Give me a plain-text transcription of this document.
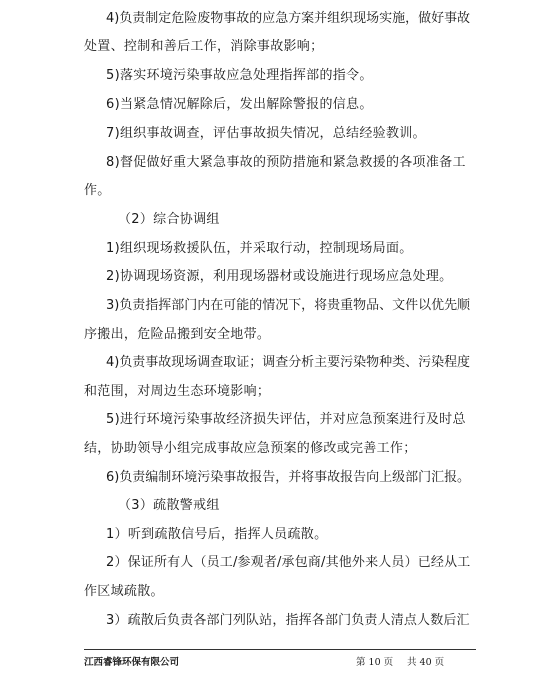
4)负责制定危险废物事故的应急方案并组织现场实施，做好事故
处置、控制和善后工作，消除事故影响；
5)落实环境污染事故应急处理指挥部的指令。
6)当紧急情况解除后，发出解除警报的信息。
7)组织事故调查，评估事故损失情况，总结经验教训。
8)督促做好重大紧急事故的预防措施和紧急救援的各项准备工
作。
（2）综合协调组
1)组织现场救援队伍，并采取行动，控制现场局面。
2)协调现场资源，利用现场器材或设施进行现场应急处理。
3)负责指挥部门内在可能的情况下，将贵重物品、文件以优先顺
序搬出，危险品搬到安全地带。
4)负责事故现场调查取证；调查分析主要污染物种类、污染程度
和范围，对周边生态环境影响；
5)进行环境污染事故经济损失评估，并对应急预案进行及时总
结，协助领导小组完成事故应急预案的修改或完善工作；
6)负责编制环境污染事故报告，并将事故报告向上级部门汇报。
（3）疏散警戒组
1）听到疏散信号后，指挥人员疏散。
2）保证所有人（员工/参观者/承包商/其他外来人员）已经从工
作区域疏散。
3）疏散后负责各部门列队站，指挥各部门负责人清点人数后汇
江西睿锋环保有限公司	第 10 页 共 40 页
